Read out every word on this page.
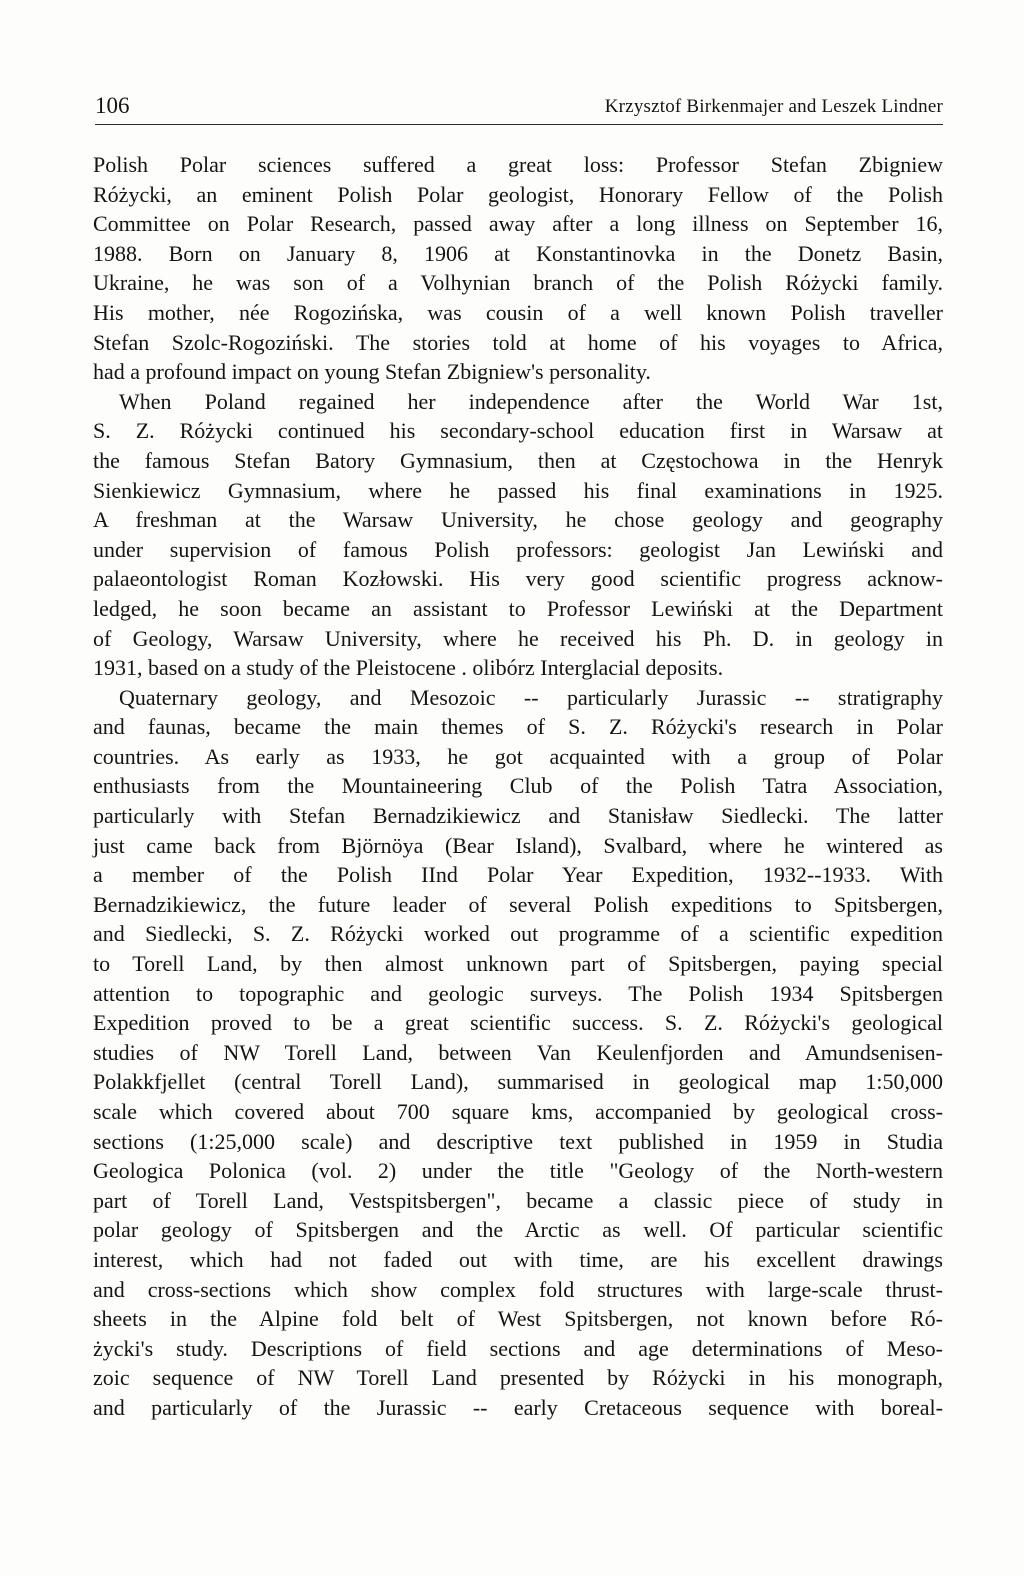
106	Krzysztof Birkenmajer and Leszek Lindner
Polish Polar sciences suffered a great loss: Professor Stefan Zbigniew
Różycki, an eminent Polish Polar geologist, Honorary Fellow of the Polish
Committee on Polar Research, passed away after a long illness on September 16,
1988. Born on January 8, 1906 at Konstantinovka in the Donetz Basin,
Ukraine, he was son of a Volhynian branch of the Polish Różycki family.
His mother, née Rogozińska, was cousin of a well known Polish traveller
Stefan Szolc-Rogoziński. The stories told at home of his voyages to Africa,
had a profound impact on young Stefan Zbigniew's personality.
When Poland regained her independence after the World War 1st,
S. Z. Różycki continued his secondary-school education first in Warsaw at
the famous Stefan Batory Gymnasium, then at Częstochowa in the Henryk
Sienkiewicz Gymnasium, where he passed his final examinations in 1925.
A freshman at the Warsaw University, he chose geology and geography
under supervision of famous Polish professors: geologist Jan Lewiński and
palaeontologist Roman Kozłowski. His very good scientific progress acknow-
ledged, he soon became an assistant to Professor Lewiński at the Department
of Geology, Warsaw University, where he received his Ph. D. in geology in
1931, based on a study of the Pleistocene . olibórz Interglacial deposits.
Quaternary geology, and Mesozoic -- particularly Jurassic -- stratigraphy
and faunas, became the main themes of S. Z. Różycki's research in Polar
countries. As early as 1933, he got acquainted with a group of Polar
enthusiasts from the Mountaineering Club of the Polish Tatra Association,
particularly with Stefan Bernadzikiewicz and Stanisław Siedlecki. The latter
just came back from Björnöya (Bear Island), Svalbard, where he wintered as
a member of the Polish IInd Polar Year Expedition, 1932--1933. With
Bernadzikiewicz, the future leader of several Polish expeditions to Spitsbergen,
and Siedlecki, S. Z. Różycki worked out programme of a scientific expedition
to Torell Land, by then almost unknown part of Spitsbergen, paying special
attention to topographic and geologic surveys. The Polish 1934 Spitsbergen
Expedition proved to be a great scientific success. S. Z. Różycki's geological
studies of NW Torell Land, between Van Keulenfjorden and Amundsenisen-
Polakkfjellet (central Torell Land), summarised in geological map 1:50,000
scale which covered about 700 square kms, accompanied by geological cross-
sections (1:25,000 scale) and descriptive text published in 1959 in Studia
Geologica Polonica (vol. 2) under the title "Geology of the North-western
part of Torell Land, Vestspitsbergen", became a classic piece of study in
polar geology of Spitsbergen and the Arctic as well. Of particular scientific
interest, which had not faded out with time, are his excellent drawings
and cross-sections which show complex fold structures with large-scale thrust-
sheets in the Alpine fold belt of West Spitsbergen, not known before Ró-
życki's study. Descriptions of field sections and age determinations of Meso-
zoic sequence of NW Torell Land presented by Różycki in his monograph,
and particularly of the Jurassic -- early Cretaceous sequence with boreal-
